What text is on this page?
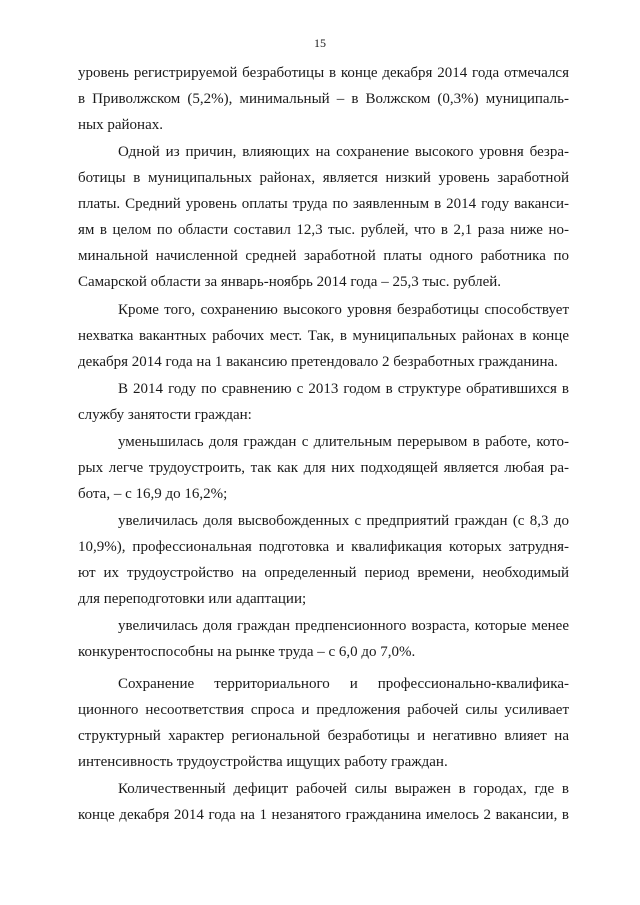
15
уровень регистрируемой безработицы в конце декабря 2014 года отмечался
в Приволжском (5,2%), минимальный – в Волжском (0,3%) муниципаль-
ных районах.
Одной из причин, влияющих на сохранение высокого уровня безра-
ботицы в муниципальных районах, является низкий уровень заработной
платы. Средний уровень оплаты труда по заявленным в 2014 году ваканси-
ям в целом по области составил 12,3 тыс. рублей, что в 2,1 раза ниже но-
минальной начисленной средней заработной платы одного работника по
Самарской области за январь-ноябрь 2014 года – 25,3 тыс. рублей.
Кроме того, сохранению высокого уровня безработицы способствует
нехватка вакантных рабочих мест. Так, в муниципальных районах в конце
декабря 2014 года на 1 вакансию претендовало 2 безработных гражданина.
В 2014 году по сравнению с 2013 годом в структуре обратившихся в
службу занятости граждан:
уменьшилась доля граждан с длительным перерывом в работе, кото-
рых легче трудоустроить, так как для них подходящей является любая ра-
бота, – с 16,9 до 16,2%;
увеличилась доля высвобожденных с предприятий граждан (с 8,3 до
10,9%), профессиональная подготовка и квалификация которых затрудня-
ют их трудоустройство на определенный период времени, необходимый
для переподготовки или адаптации;
увеличилась доля граждан предпенсионного возраста, которые менее
конкурентоспособны на рынке труда – с 6,0 до 7,0%.
Сохранение территориального и профессионально-квалифика-
ционного несоответствия спроса и предложения рабочей силы усиливает
структурный характер региональной безработицы и негативно влияет на
интенсивность трудоустройства ищущих работу граждан.
Количественный дефицит рабочей силы выражен в городах, где в
конце декабря 2014 года на 1 незанятого гражданина имелось 2 вакансии, в
